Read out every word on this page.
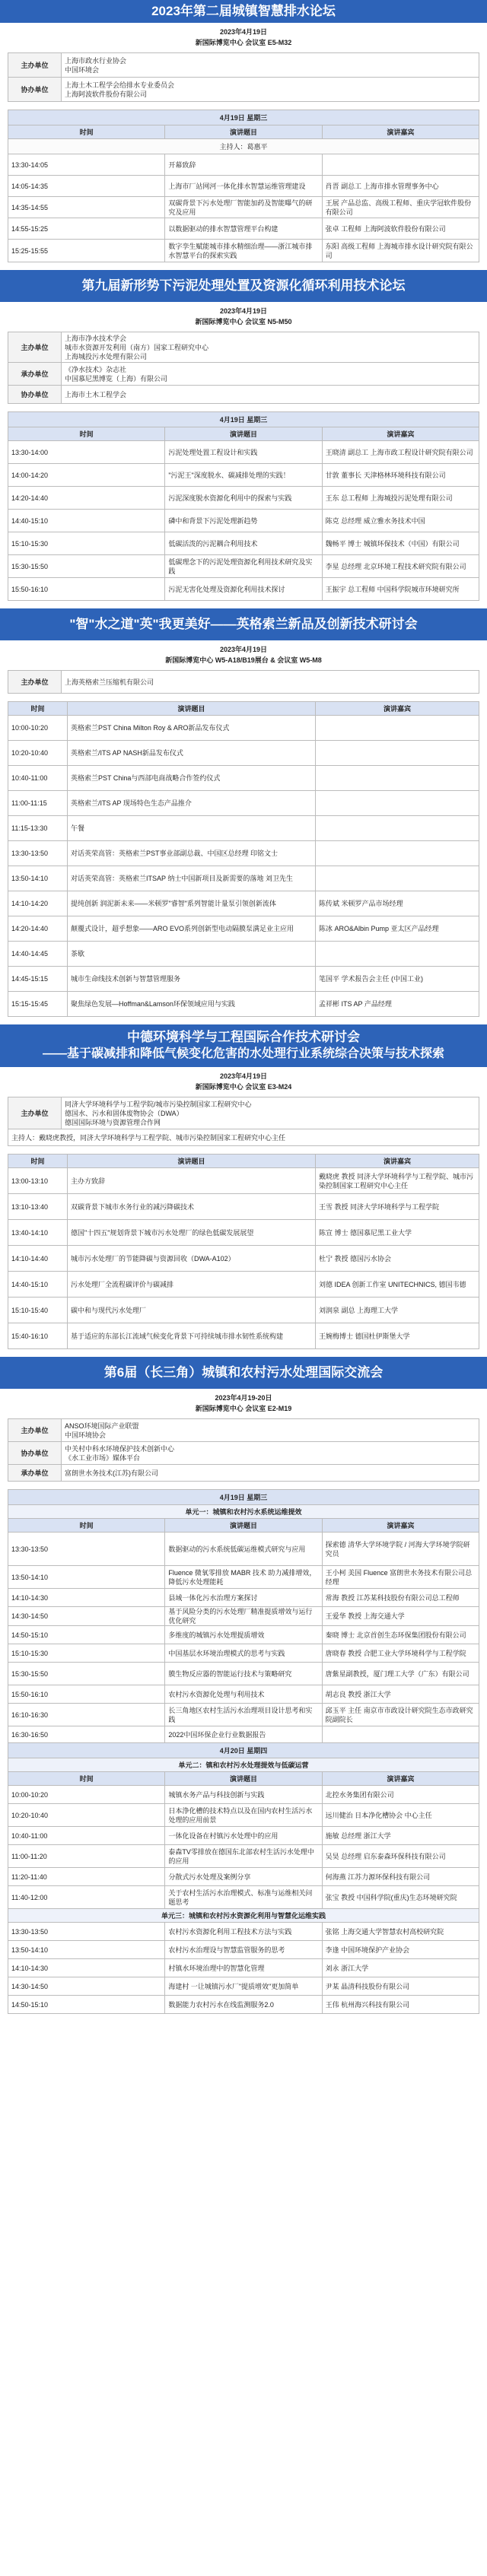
2023年第二届城镇智慧排水论坛
2023年4月19日
新国际博览中心 会议室 E5-M32
主办单位	上海市政水行业协会
中国环境会

协办单位	上海土木工程学会给排水专业委员会
上海阿波软件股份有限公司
4月19日 星期三		
时间	演讲题目	演讲嘉宾
主持人：葛惠平		
13:30-14:05	开幕致辞	
14:05-14:35	上海市厂站网河一体化排水智慧运维管理建设	肖晋 副总工 上海市排水管理事务中心
14:35-14:55	双碳背景下污水处理厂智能加药及智能曝气的研究及应用	王展 产品总监、高级工程师、重庆学冠软件股份有限公司
14:55-15:25	以数据驱动的排水智慧管理平台构建	张卓 工程师 上海阿波软件股份有限公司
15:25-15:55	数字孪生赋能城市排水精细治理——浙江城市排水智慧平台的探索实践	东阳 高级工程师 上海城市排水设计研究院有限公司
第九届新形势下污泥处理处置及资源化循环利用技术论坛
2023年4月19日
新国际博览中心 会议室 N5-M50
主办单位	上海市净水技术学会
城市水资源开发利用（南方）国家工程研究中心
上海城投污水处理有限公司

承办单位	《净水技术》杂志社
中国慕尼黑博览（上海）有限公司

协办单位	上海市土木工程学会
4月19日 星期三		
时间	演讲题目	演讲嘉宾
13:30-14:00	污泥处理处置工程设计和实践	王晓清 副总工 上海市政工程设计研究院有限公司
14:00-14:20	"污泥王"深度脱水、碳减排处理的实践！	甘敦 董事长 天津格林环境科技有限公司
14:20-14:40	污泥深度脱水资源化利用中的探索与实践	王东 总工程师 上海城投污泥处理有限公司
14:40-15:10	磷中和背景下污泥处理新趋势	陈克 总经理 威立雅水务技术中国
15:10-15:30	低碳活泼的污泥耦合利用技术	魏畅平 博士 城镇环保技术（中国）有限公司
15:30-15:50	低碳理念下的污泥处理资源化利用技术研究及实践	李星 总经理 北京环境工程技术研究院有限公司
15:50-16:10	污泥无害化处理及资源化利用技术探讨	王振宇 总工程师 中国科学院城市环境研究所
"智"水之道"英"我更美好——英格索兰新品及创新技术研讨会
2023年4月19日
新国际博览中心 W5-A18/B19展台 & 会议室 W5-M8
主办单位	上海英格索兰压缩机有限公司
时间	演讲题目	演讲嘉宾
10:00-10:20	英格索兰PST China Milton Roy & ARO新品发布仪式	
10:20-10:40	英格索兰/ITS AP NASH新品发布仪式	
10:40-11:00	英格索兰PST China与西部电商战略合作签约仪式	
11:00-11:15	英格索兰/ITS AP 现场特色生态产品推介	
11:15-13:30	午餐	
13:30-13:50	对话英荣高管：英格索兰PST事业部副总裁、中国区总经理 印铭文士	
13:50-14:10	对话英荣高管：英格索兰ITSAP 纳士中国新项目及新需要的落地 刘卫先生	
14:10-14:20	提纯创新 润泥新未来——米顿罗"睿智"系列智能计量泵引领创新流体	陈传斌 米顿罗产品市场经理
14:20-14:40	颠覆式设计，超乎想象——ARO EVO系列创新型电动隔膜泵满足业主应用	陈冰 ARO&Albin Pump 亚太区产品经理
14:40-14:45	茶歇	
14:45-15:15	城市生命线技术创新与智慧管理服务	笔国平 学术报告会主任 (中国工业)
15:15-15:45	聚焦绿色发展—Hoffman&Lamson环保领域应用与实践	孟祥彬 ITS AP 产品经理
中德环境科学与工程国际合作技术研讨会
——基于碳减排和降低气候变化危害的水处理行业系统综合决策与技术探索
2023年4月19日
新国际博览中心 会议室 E3-M24
主办单位	
同济大学环境科学与工程学院/城市污染控制国家工程研究中心
德国水、污水和固体废物协会（DWA）
德国国际环境与资源管理合作网

主持人：戴晓虎教授，同济大学环境科学与工程学院、城市污染控制国家工程研究中心主任
时间	演讲题目	演讲嘉宾
13:00-13:10	主办方致辞	戴晓虎 教授 同济大学环境科学与工程学院、城市污染控制国家工程研究中心主任
13:10-13:40	双碳背景下城市水务行业的减污降碳技术	王雪 教授 同济大学环境科学与工程学院
13:40-14:10	德国"十四五"规划背景下城市污水处理厂的绿色低碳发展展望	陈宣 博士 德国慕尼黑工业大学
14:10-14:40	城市污水处理厂的节能降碳与资源回收（DWA-A102）	杜宁 教授 德国污水协会
14:40-15:10	污水处理厂全流程碳评价与碳减排	刘德 IDEA 创新工作室 UNITECHNICS, 德国韦德
15:10-15:40	碳中和与现代污水处理厂	刘润泉 副总 上海理工大学
15:40-16:10	基于适应的东部长江流域气候变化背景下可持续城市排水韧性系统构建	王婉梅博士 德国杜伊斯堡大学
第6届（长三角）城镇和农村污水处理国际交流会
2023年4月19-20日
新国际博览中心 会议室 E2-M19
主办单位	ANSO环境国际产业联盟
中国环境协会

协办单位	中关村中科水环境保护技术创新中心
《水工业市场》媒体平台

承办单位	富朗世水务技术(江苏)有限公司
4月19日 星期三		
单元一：城镇和农村污水系统运维提效		
时间	演讲题目	演讲嘉宾
13:30-13:50	数据驱动的污水系统低碳运维模式研究与应用	探索德 清华大学环境学院 / 河海大学环境学院研究员
13:50-14:10	Fluence 微氧零排放 MABR 技术 助力减排增效，降低污水处理能耗	王小柯 美国 Fluence 富朗世水务技术有限公司总经理
14:10-14:30	县域一体化污水治理方案探讨	常海 教授 江苏某科技股份有限公司总工程师
14:30-14:50	基于风险分类的污水处理厂精准提质增效与运行优化研究	王爱华 教授 上海交通大学
14:50-15:10	多维度的城镇污水处理提质增效	秦晓 博士 北京首创生态环保集团股份有限公司
15:10-15:30	中国基层水环境治理模式的思考与实践	唐晓春 教授 合肥工业大学环境科学与工程学院
15:30-15:50	膜生物反应器的智能运行技术与策略研究	唐紫星副教授，厦门理工大学（广东）有限公司
15:50-16:10	农村污水资源化处理与利用技术	胡志良 教授 浙江大学
16:10-16:30	长三角地区农村生活污水治理项目设计思考和实践	邱玉平 主任 南京市市政设计研究院生态市政研究院副院长
16:30-16:50	2022中国环保企业行业数据报告	
4月20日 星期四		
单元二：镇和农村污水处理提效与低碳运营		
时间	演讲题目	演讲嘉宾
10:00-10:20	城镇水务产品与科技创新与实践	北控水务集团有限公司
10:20-10:40	日本浄化槽的技术特点以及在国内农村生活污水处理的应用前景	远川健治 日本净化槽协会 中心主任
10:40-11:00	一体化设备在村镇污水处理中的应用	施敏 总经理 浙江大学
11:00-11:20	泰森TV零排放在德国东北部农村生活污水处理中的应用	吴昊 总经理 启东泰森环保科技有限公司
11:20-11:40	分散式污水处理及案例分享	何海燕 江苏力源环保科技有限公司
11:40-12:00	关于农村生活污水治理模式、标准与运维相关问题思考	张宝 教授 中国科学院(重庆)生态环境研究院
单元三：城镇和农村污水资源化利用与智慧化运维实践		
13:30-13:50	农村污水资源化利用工程技术方法与实践	张铭 上海交通大学智慧农村高校研究院
13:50-14:10	农村污水治理设与智慧监管服务的思考	李逢 中国环境保护产业协会
14:10-14:30	村镇水环境治理中的智慧化管理	刘永 浙江大学
14:30-14:50	海建村 一让城镇污水厂"提质增效"更加简单	尹某 晶清科技股份有限公司
14:50-15:10	数据能力农村污水在线监测服务2.0	王伟 杭州海兴科技有限公司
